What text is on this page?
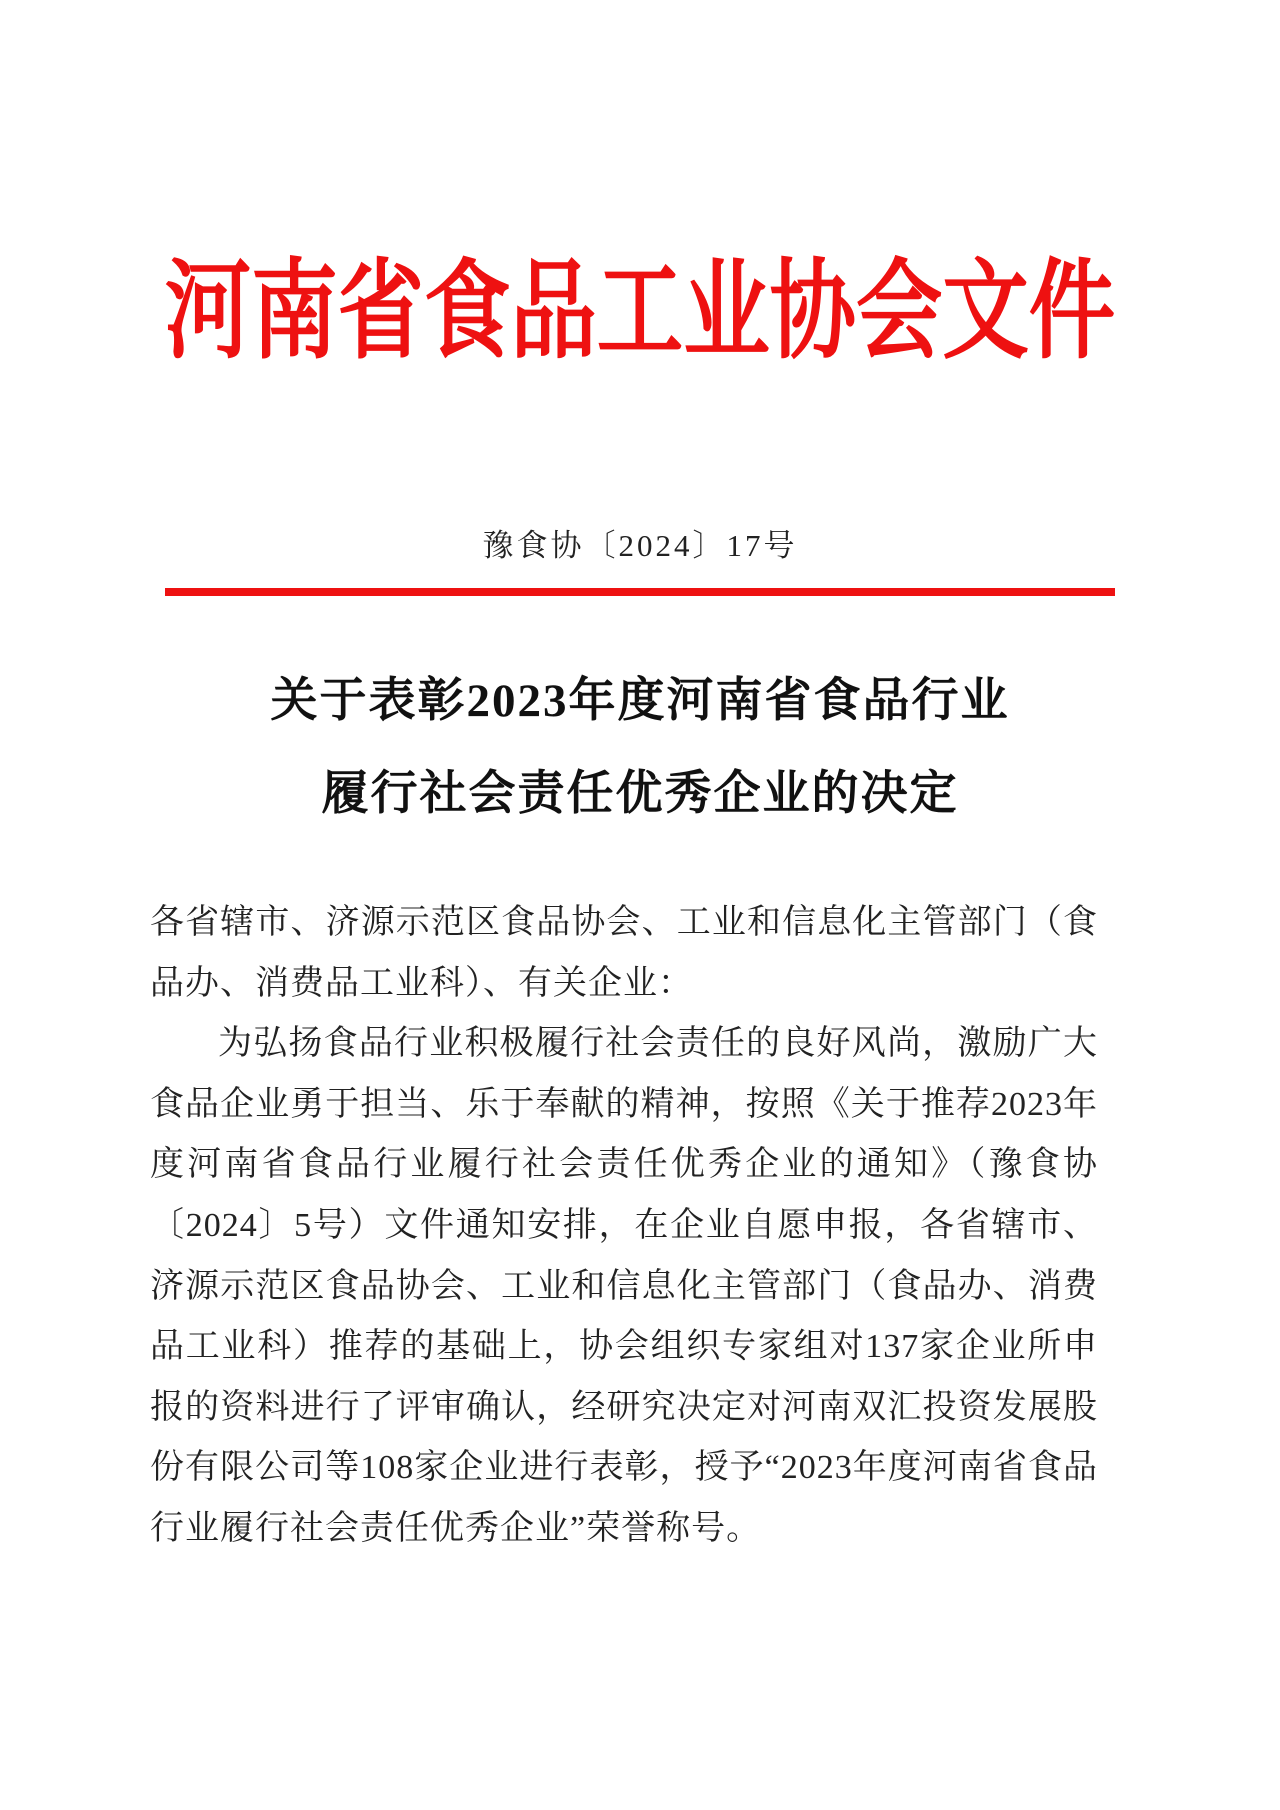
河南省食品工业协会文件
豫食协〔2024〕17号
关于表彰2023年度河南省食品行业
履行社会责任优秀企业的决定

各省辖市、济源示范区食品协会、工业和信息化主管部门（食品办、消费品工业科）、有关企业：

为弘扬食品行业积极履行社会责任的良好风尚，激励广大食品企业勇于担当、乐于奉献的精神，按照《关于推荐2023年度河南省食品行业履行社会责任优秀企业的通知》（豫食协〔2024〕5号）文件通知安排，在企业自愿申报，各省辖市、济源示范区食品协会、工业和信息化主管部门（食品办、消费品工业科）推荐的基础上，协会组织专家组对137家企业所申报的资料进行了评审确认，经研究决定对河南双汇投资发展股份有限公司等108家企业进行表彰，授予“2023年度河南省食品行业履行社会责任优秀企业”荣誉称号。
